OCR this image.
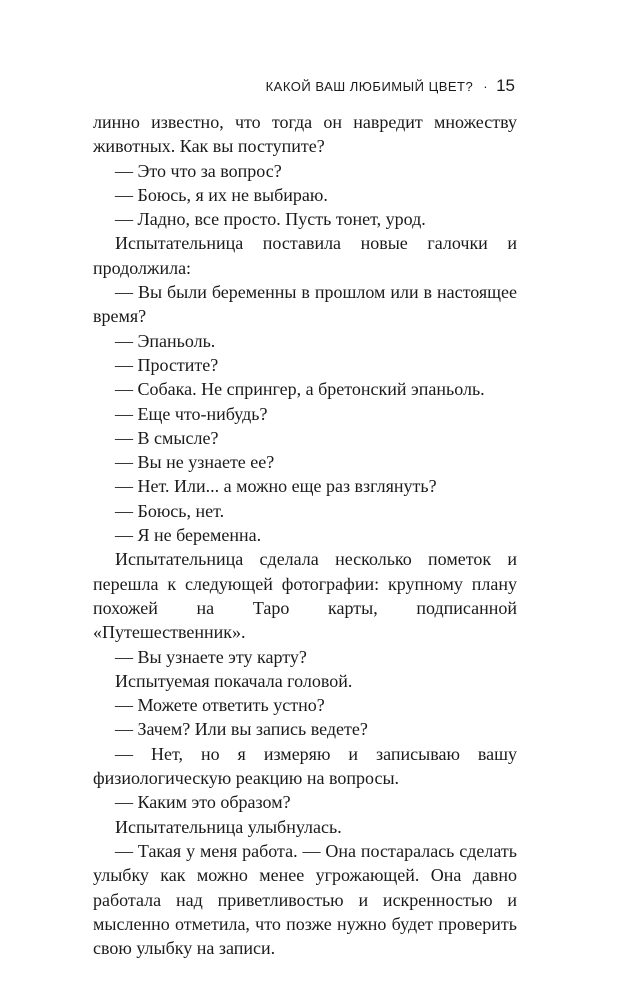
КАКОЙ ВАШ ЛЮБИМЫЙ ЦВЕТ? · 15

линно известно, что тогда он навредит множеству животных. Как вы поступите?

— Это что за вопрос?

— Боюсь, я их не выбираю.

— Ладно, все просто. Пусть тонет, урод.

Испытательница поставила новые галочки и продолжила:

— Вы были беременны в прошлом или в настоящее время?

— Эпаньоль.

— Простите?

— Собака. Не спрингер, а бретонский эпаньоль.

— Еще что-нибудь?

— В смысле?

— Вы не узнаете ее?

— Нет. Или... а можно еще раз взглянуть?

— Боюсь, нет.

— Я не беременна.

Испытательница сделала несколько пометок и перешла к следующей фотографии: крупному плану похожей на Таро карты, подписанной «Путешественник».

— Вы узнаете эту карту?

Испытуемая покачала головой.

— Можете ответить устно?

— Зачем? Или вы запись ведете?

— Нет, но я измеряю и записываю вашу физиологическую реакцию на вопросы.

— Каким это образом?

Испытательница улыбнулась.

— Такая у меня работа. — Она постаралась сделать улыбку как можно менее угрожающей. Она давно работала над приветливостью и искренностью и мысленно отметила, что позже нужно будет проверить свою улыбку на записи.
